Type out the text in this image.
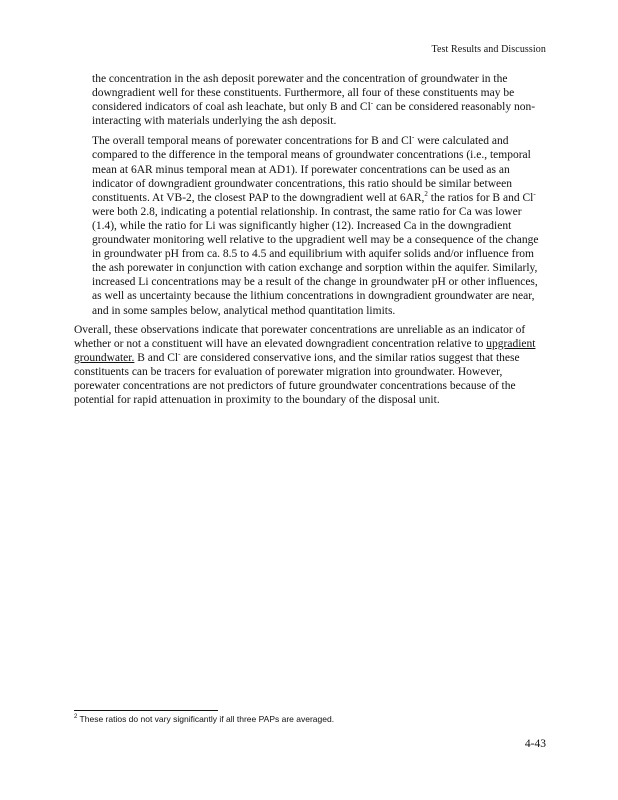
Test Results and Discussion

the concentration in the ash deposit porewater and the concentration of groundwater in the downgradient well for these constituents. Furthermore, all four of these constituents may be considered indicators of coal ash leachate, but only B and Cl- can be considered reasonably non-interacting with materials underlying the ash deposit.

The overall temporal means of porewater concentrations for B and Cl- were calculated and compared to the difference in the temporal means of groundwater concentrations (i.e., temporal mean at 6AR minus temporal mean at AD1). If porewater concentrations can be used as an indicator of downgradient groundwater concentrations, this ratio should be similar between constituents. At VB-2, the closest PAP to the downgradient well at 6AR,$^2$ the ratios for B and Cl- were both 2.8, indicating a potential relationship. In contrast, the same ratio for Ca was lower (1.4), while the ratio for Li was significantly higher (12). Increased Ca in the downgradient groundwater monitoring well relative to the upgradient well may be a consequence of the change in groundwater pH from ca. 8.5 to 4.5 and equilibrium with aquifer solids and/or influence from the ash porewater in conjunction with cation exchange and sorption within the aquifer. Similarly, increased Li concentrations may be a result of the change in groundwater pH or other influences, as well as uncertainty because the lithium concentrations in downgradient groundwater are near, and in some samples below, analytical method quantitation limits.

Overall, these observations indicate that porewater concentrations are unreliable as an indicator of whether or not a constituent will have an elevated downgradient concentration relative to upgradient groundwater. B and Cl- are considered conservative ions, and the similar ratios suggest that these constituents can be tracers for evaluation of porewater migration into groundwater. However, porewater concentrations are not predictors of future groundwater concentrations because of the potential for rapid attenuation in proximity to the boundary of the disposal unit.

$^2$ These ratios do not vary significantly if all three PAPs are averaged.
4-43
